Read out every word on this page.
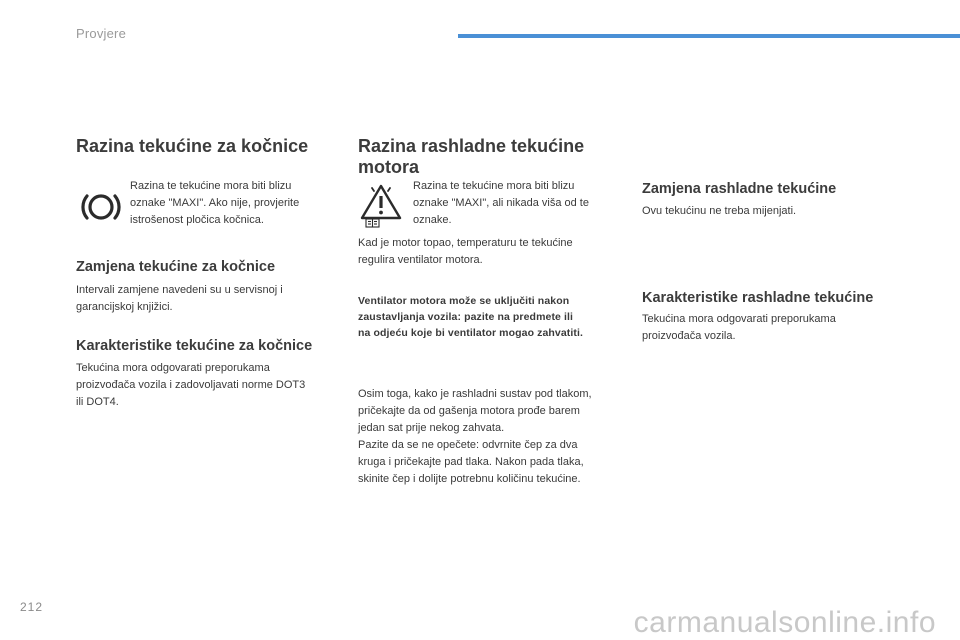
Provjere
Razina tekućine za kočnice

Razina te tekućine mora biti blizu

oznake "MAXI". Ako nije, provjerite

istrošenost pločica kočnica.

Zamjena tekućine za kočnice

Intervali zamjene navedeni su u servisnoj i

garancijskoj knjižici.

Karakteristike tekućine za kočnice

Tekućina mora odgovarati preporukama

proizvođača vozila i zadovoljavati norme DOT3

ili DOT4.

Razina rashladne tekućine
motora

Razina te tekućine mora biti blizu

oznake "MAXI", ali nikada viša od te

oznake.

Kad je motor topao, temperaturu te tekućine

regulira ventilator motora.

Ventilator motora može se uključiti nakon

zaustavljanja vozila: pazite na predmete ili

na odjeću koje bi ventilator mogao zahvatiti.

Osim toga, kako je rashladni sustav pod tlakom,

pričekajte da od gašenja motora prođe barem

jedan sat prije nekog zahvata.

Pazite da se ne opečete: odvrnite čep za dva

kruga i pričekajte pad tlaka. Nakon pada tlaka,

skinite čep i dolijte potrebnu količinu tekućine.

Zamjena rashladne tekućine

Ovu tekućinu ne treba mijenjati.

Karakteristike rashladne tekućine

Tekućina mora odgovarati preporukama

proizvođača vozila.

212	carmanualsonline.info
